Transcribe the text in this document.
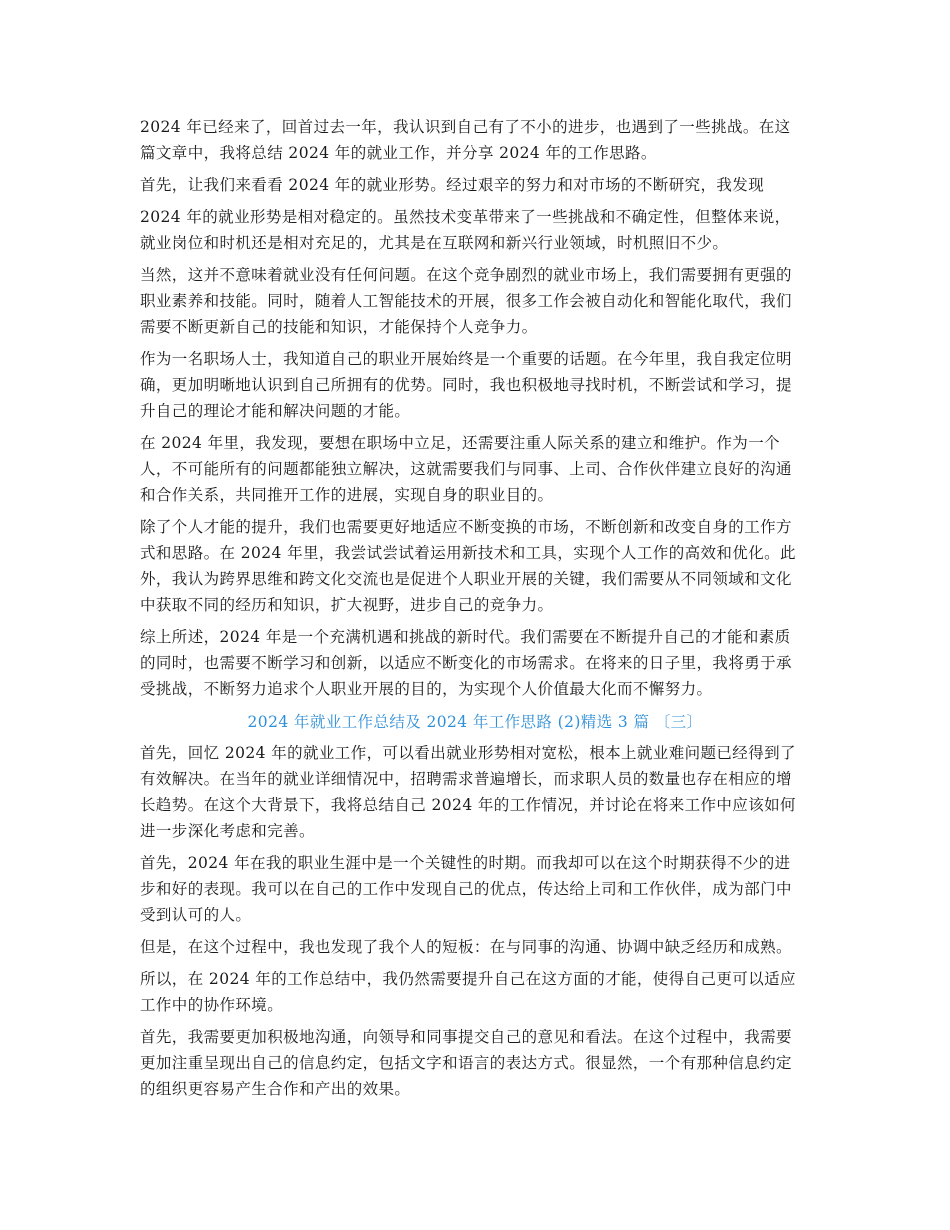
2024 年已经来了，回首过去一年，我认识到自己有了不小的进步，也遇到了一些挑战。在这
篇文章中，我将总结 2024 年的就业工作，并分享 2024 年的工作思路。
首先，让我们来看看 2024 年的就业形势。经过艰辛的努力和对市场的不断研究，我发现
2024 年的就业形势是相对稳定的。虽然技术变革带来了一些挑战和不确定性，但整体来说，
就业岗位和时机还是相对充足的，尤其是在互联网和新兴行业领域，时机照旧不少。
当然，这并不意味着就业没有任何问题。在这个竞争剧烈的就业市场上，我们需要拥有更强的
职业素养和技能。同时，随着人工智能技术的开展，很多工作会被自动化和智能化取代，我们
需要不断更新自己的技能和知识，才能保持个人竞争力。
作为一名职场人士，我知道自己的职业开展始终是一个重要的话题。在今年里，我自我定位明
确，更加明晰地认识到自己所拥有的优势。同时，我也积极地寻找时机，不断尝试和学习，提
升自己的理论才能和解决问题的才能。
在 2024 年里，我发现，要想在职场中立足，还需要注重人际关系的建立和维护。作为一个
人，不可能所有的问题都能独立解决，这就需要我们与同事、上司、合作伙伴建立良好的沟通
和合作关系，共同推开工作的进展，实现自身的职业目的。
除了个人才能的提升，我们也需要更好地适应不断变换的市场，不断创新和改变自身的工作方
式和思路。在 2024 年里，我尝试尝试着运用新技术和工具，实现个人工作的高效和优化。此
外，我认为跨界思维和跨文化交流也是促进个人职业开展的关键，我们需要从不同领域和文化
中获取不同的经历和知识，扩大视野，进步自己的竞争力。
综上所述，2024 年是一个充满机遇和挑战的新时代。我们需要在不断提升自己的才能和素质
的同时，也需要不断学习和创新，以适应不断变化的市场需求。在将来的日子里，我将勇于承
受挑战，不断努力追求个人职业开展的目的，为实现个人价值最大化而不懈努力。
2024 年就业工作总结及 2024 年工作思路 (2)精选 3 篇 〔三〕
首先，回忆 2024 年的就业工作，可以看出就业形势相对宽松，根本上就业难问题已经得到了
有效解决。在当年的就业详细情况中，招聘需求普遍增长，而求职人员的数量也存在相应的增
长趋势。在这个大背景下，我将总结自己 2024 年的工作情况，并讨论在将来工作中应该如何
进一步深化考虑和完善。
首先，2024 年在我的职业生涯中是一个关键性的时期。而我却可以在这个时期获得不少的进
步和好的表现。我可以在自己的工作中发现自己的优点，传达给上司和工作伙伴，成为部门中
受到认可的人。
但是，在这个过程中，我也发现了我个人的短板：在与同事的沟通、协调中缺乏经历和成熟。
所以，在 2024 年的工作总结中，我仍然需要提升自己在这方面的才能，使得自己更可以适应
工作中的协作环境。
首先，我需要更加积极地沟通，向领导和同事提交自己的意见和看法。在这个过程中，我需要
更加注重呈现出自己的信息约定，包括文字和语言的表达方式。很显然，一个有那种信息约定
的组织更容易产生合作和产出的效果。
